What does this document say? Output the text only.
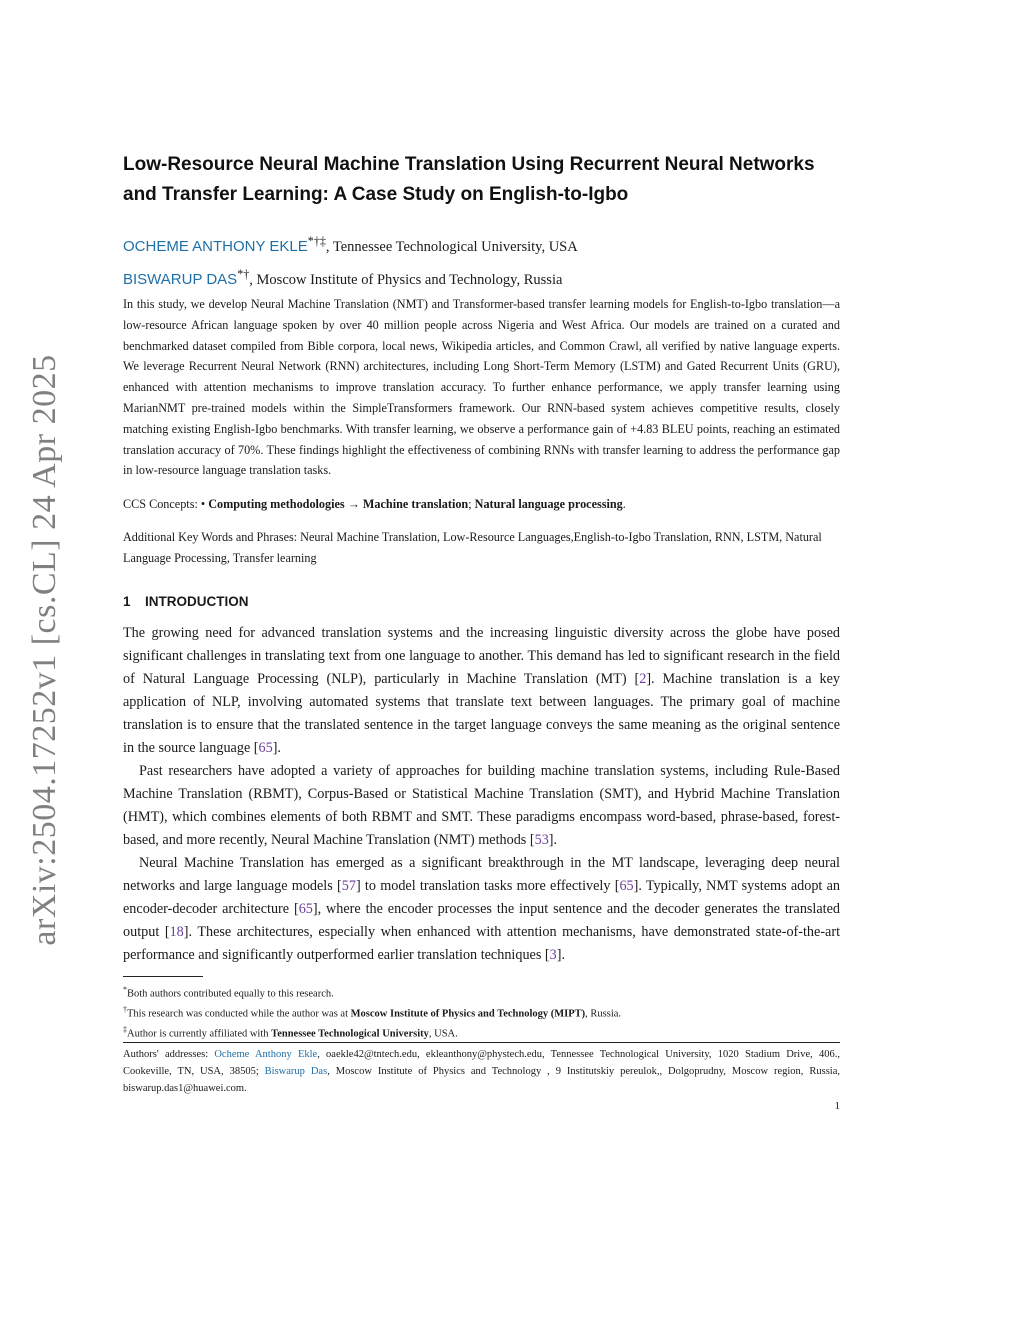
arXiv:2504.17252v1 [cs.CL] 24 Apr 2025
Low-Resource Neural Machine Translation Using Recurrent Neural Networks
and Transfer Learning: A Case Study on English-to-Igbo
OCHEME ANTHONY EKLE*†‡, Tennessee Technological University, USA
BISWARUP DAS*†, Moscow Institute of Physics and Technology, Russia
In this study, we develop Neural Machine Translation (NMT) and Transformer-based transfer learning models for English-to-Igbo translation—a low-resource African language spoken by over 40 million people across Nigeria and West Africa. Our models are trained on a curated and benchmarked dataset compiled from Bible corpora, local news, Wikipedia articles, and Common Crawl, all verified by native language experts. We leverage Recurrent Neural Network (RNN) architectures, including Long Short-Term Memory (LSTM) and Gated Recurrent Units (GRU), enhanced with attention mechanisms to improve translation accuracy. To further enhance performance, we apply transfer learning using MarianNMT pre-trained models within the SimpleTransformers framework. Our RNN-based system achieves competitive results, closely matching existing English-Igbo benchmarks. With transfer learning, we observe a performance gain of +4.83 BLEU points, reaching an estimated translation accuracy of 70%. These findings highlight the effectiveness of combining RNNs with transfer learning to address the performance gap in low-resource language translation tasks.
CCS Concepts: • Computing methodologies → Machine translation; Natural language processing.
Additional Key Words and Phrases: Neural Machine Translation, Low-Resource Languages,English-to-Igbo Translation, RNN, LSTM, Natural Language Processing, Transfer learning
1 INTRODUCTION

The growing need for advanced translation systems and the increasing linguistic diversity across the globe have posed significant challenges in translating text from one language to another. This demand has led to significant research in the field of Natural Language Processing (NLP), particularly in Machine Translation (MT) [2]. Machine translation is a key application of NLP, involving automated systems that translate text between languages. The primary goal of machine translation is to ensure that the translated sentence in the target language conveys the same meaning as the original sentence in the source language [65].

Past researchers have adopted a variety of approaches for building machine translation systems, including Rule-Based Machine Translation (RBMT), Corpus-Based or Statistical Machine Translation (SMT), and Hybrid Machine Translation (HMT), which combines elements of both RBMT and SMT. These paradigms encompass word-based, phrase-based, forest-based, and more recently, Neural Machine Translation (NMT) methods [53].

Neural Machine Translation has emerged as a significant breakthrough in the MT landscape, leveraging deep neural networks and large language models [57] to model translation tasks more effectively [65]. Typically, NMT systems adopt an encoder-decoder architecture [65], where the encoder processes the input sentence and the decoder generates the translated output [18]. These architectures, especially when enhanced with attention mechanisms, have demonstrated state-of-the-art performance and significantly outperformed earlier translation techniques [3].

*Both authors contributed equally to this research.
†This research was conducted while the author was at Moscow Institute of Physics and Technology (MIPT), Russia.
‡Author is currently affiliated with Tennessee Technological University, USA.
Authors' addresses: Ocheme Anthony Ekle, oaekle42@tntech.edu, ekleanthony@phystech.edu, Tennessee Technological University, 1020 Stadium Drive, 406., Cookeville, TN, USA, 38505; Biswarup Das, Moscow Institute of Physics and Technology , 9 Institutskiy pereulok,, Dolgoprudny, Moscow region, Russia, biswarup.das1@huawei.com.
1
